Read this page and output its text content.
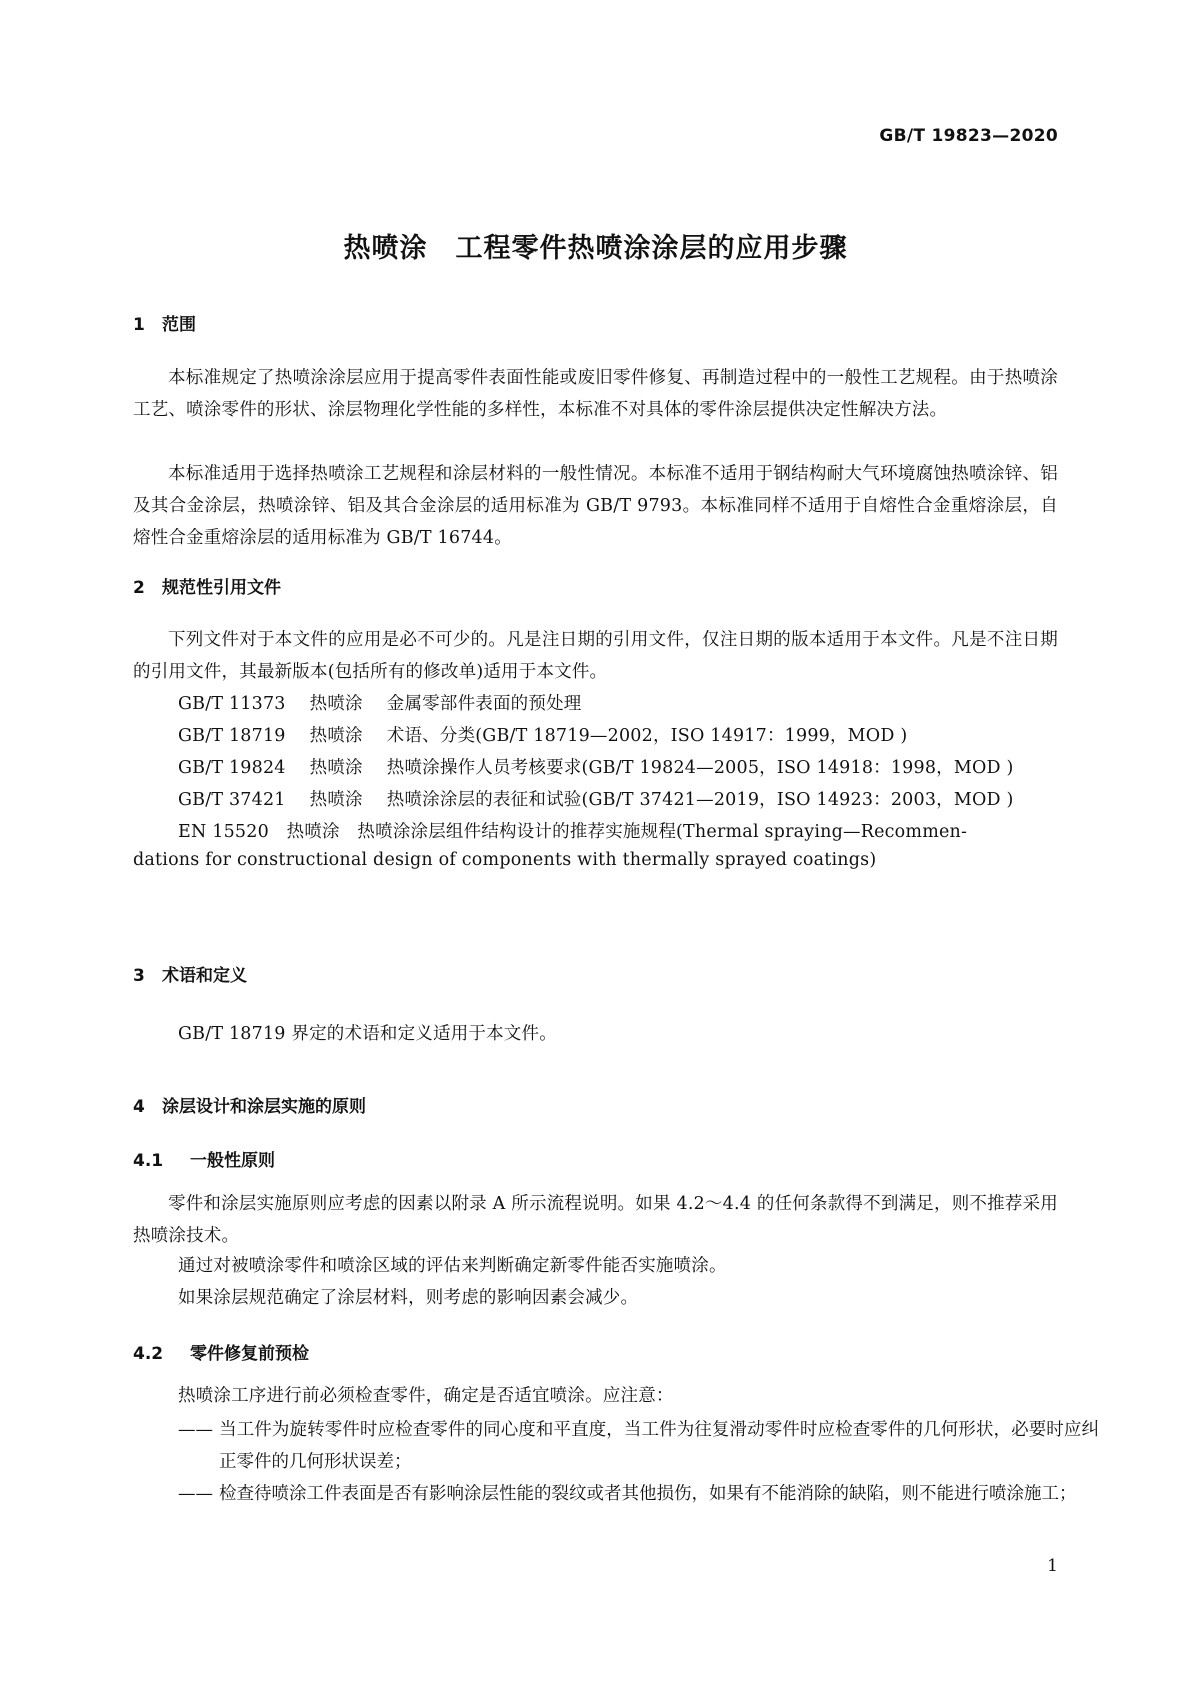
GB/T 19823—2020
热喷涂　工程零件热喷涂涂层的应用步骤
1 范围
本标准规定了热喷涂涂层应用于提高零件表面性能或废旧零件修复、再制造过程中的一般性工艺规程。由于热喷涂工艺、喷涂零件的形状、涂层物理化学性能的多样性，本标准不对具体的零件涂层提供决定性解决方法。
本标准适用于选择热喷涂工艺规程和涂层材料的一般性情况。本标准不适用于钢结构耐大气环境腐蚀热喷涂锌、铝及其合金涂层，热喷涂锌、铝及其合金涂层的适用标准为 GB/T 9793。本标准同样不适用于自熔性合金重熔涂层，自熔性合金重熔涂层的适用标准为 GB/T 16744。
2 规范性引用文件
下列文件对于本文件的应用是必不可少的。凡是注日期的引用文件，仅注日期的版本适用于本文件。凡是不注日期的引用文件，其最新版本(包括所有的修改单)适用于本文件。
GB/T 11373 热喷涂 金属零部件表面的预处理
GB/T 18719 热喷涂 术语、分类(GB/T 18719—2002，ISO 14917：1999，MOD )
GB/T 19824 热喷涂 热喷涂操作人员考核要求(GB/T 19824—2005，ISO 14918：1998，MOD )
GB/T 37421 热喷涂 热喷涂涂层的表征和试验(GB/T 37421—2019，ISO 14923：2003，MOD )
EN 15520　热喷涂　热喷涂涂层组件结构设计的推荐实施规程(Thermal spraying—Recommen-
dations for constructional design of components with thermally sprayed coatings)
3 术语和定义
GB/T 18719 界定的术语和定义适用于本文件。
4 涂层设计和涂层实施的原则
4.1 一般性原则
零件和涂层实施原则应考虑的因素以附录 A 所示流程说明。如果 4.2～4.4 的任何条款得不到满足，则不推荐采用热喷涂技术。
通过对被喷涂零件和喷涂区域的评估来判断确定新零件能否实施喷涂。
如果涂层规范确定了涂层材料，则考虑的影响因素会减少。
4.2 零件修复前预检
热喷涂工序进行前必须检查零件，确定是否适宜喷涂。应注意：
—— 当工件为旋转零件时应检查零件的同心度和平直度，当工件为往复滑动零件时应检查零件的几何形状，必要时应纠正零件的几何形状误差；
—— 检查待喷涂工件表面是否有影响涂层性能的裂纹或者其他损伤，如果有不能消除的缺陷，则不能进行喷涂施工；
1
